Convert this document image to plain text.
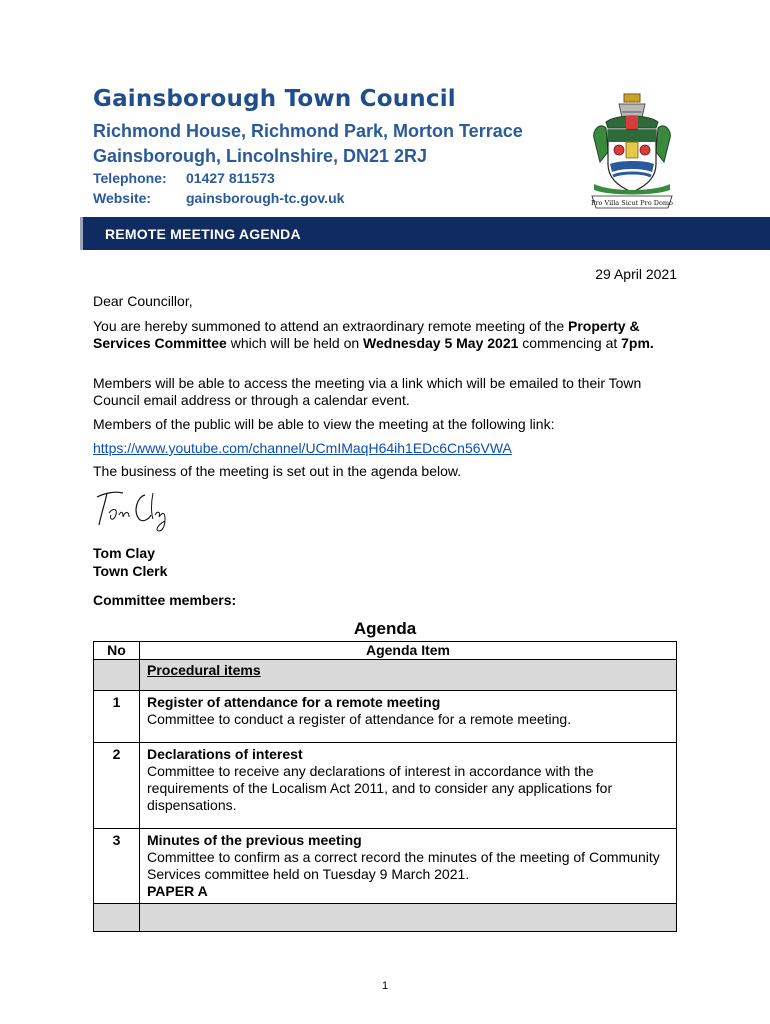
Gainsborough Town Council

Richmond House, Richmond Park, Morton Terrace

Gainsborough, Lincolnshire, DN21 2RJ

Telephone: 01427 811573

Website: gainsborough-tc.gov.uk	Pro Villa Sicut Pro Domo

REMOTE MEETING AGENDA

29 April 2021

Dear Councillor,

You are hereby summoned to attend an extraordinary remote meeting of the Property & Services Committee which will be held on Wednesday 5 May 2021 commencing at 7pm.

Members will be able to access the meeting via a link which will be emailed to their Town Council email address or through a calendar event.

Members of the public will be able to view the meeting at the following link:

https://www.youtube.com/channel/UCmIMaqH64ih1EDc6Cn56VWA

The business of the meeting is set out in the agenda below.

Tom Clay

Town Clerk

Committee members:

Agenda
No	Agenda Item
	Procedural items
1	Register of attendance for a remote meeting
Committee to conduct a register of attendance for a remote meeting.

2	Declarations of interest
Committee to receive any declarations of interest in accordance with the requirements of the Localism Act 2011, and to consider any applications for dispensations.

3	Minutes of the previous meeting
Committee to confirm as a correct record the minutes of the meeting of Community Services committee held on Tuesday 9 March 2021.
PAPER A

1
